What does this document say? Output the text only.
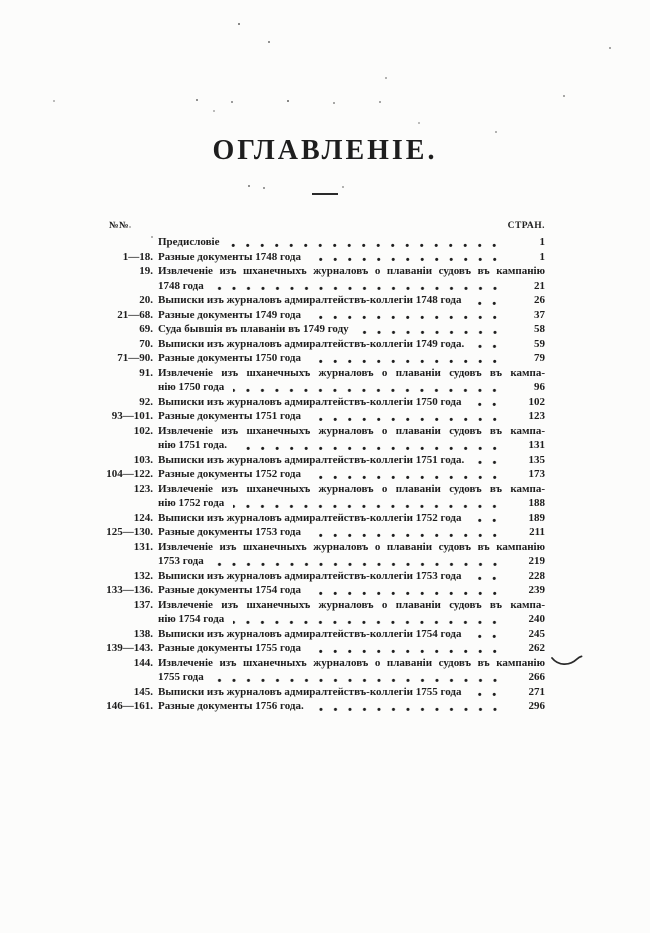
ОГЛАВЛЕНІЕ.
№№	СТРАН.
Предисловіе	1
1—18. Разные документы 1748 года	1
19. Извлеченіе изъ шханечныхъ журналовъ о плаваніи судовъ въ кампанію
1748 года	21
20. Выписки изъ журналовъ адмиралтействъ-коллегіи 1748 года	26
21—68. Разные документы 1749 года	37
69. Суда бывшія въ плаваніи въ 1749 году	58
70. Выписки изъ журналовъ адмиралтействъ-коллегіи 1749 года.	59
71—90. Разные документы 1750 года	79
91. Извлеченіе изъ шханечныхъ журналовъ о плаваніи судовъ въ кампа-
нію 1750 года	96
92. Выписки изъ журналовъ адмиралтействъ-коллегіи 1750 года	102
93—101. Разные документы 1751 года	123
102. Извлеченіе изъ шханечныхъ журналовъ о плаваніи судовъ въ кампа-
нію 1751 года.	131
103. Выписки изъ журналовъ адмиралтействъ-коллегіи 1751 года.	135
104—122. Разные документы 1752 года	173
123. Извлеченіе изъ шханечныхъ журналовъ о плаваніи судовъ въ кампа-
нію 1752 года	188
124. Выписки изъ журналовъ адмиралтействъ-коллегіи 1752 года	189
125—130. Разные документы 1753 года	211
131. Извлеченіе изъ шханечныхъ журналовъ о плаваніи судовъ въ кампанію
1753 года	219
132. Выписки изъ журналовъ адмиралтействъ-коллегіи 1753 года	228
133—136. Разные документы 1754 года	239
137. Извлеченіе изъ шханечныхъ журналовъ о плаваніи судовъ въ кампа-
нію 1754 года	240
138. Выписки изъ журналовъ адмиралтействъ-коллегіи 1754 года	245
139—143. Разные документы 1755 года	262
144. Извлеченіе изъ шханечныхъ журналовъ о плаваніи судовъ въ кампанію
1755 года	266
145. Выписки изъ журналовъ адмиралтействъ-коллегіи 1755 года	271
146—161. Разные документы 1756 года.	296
